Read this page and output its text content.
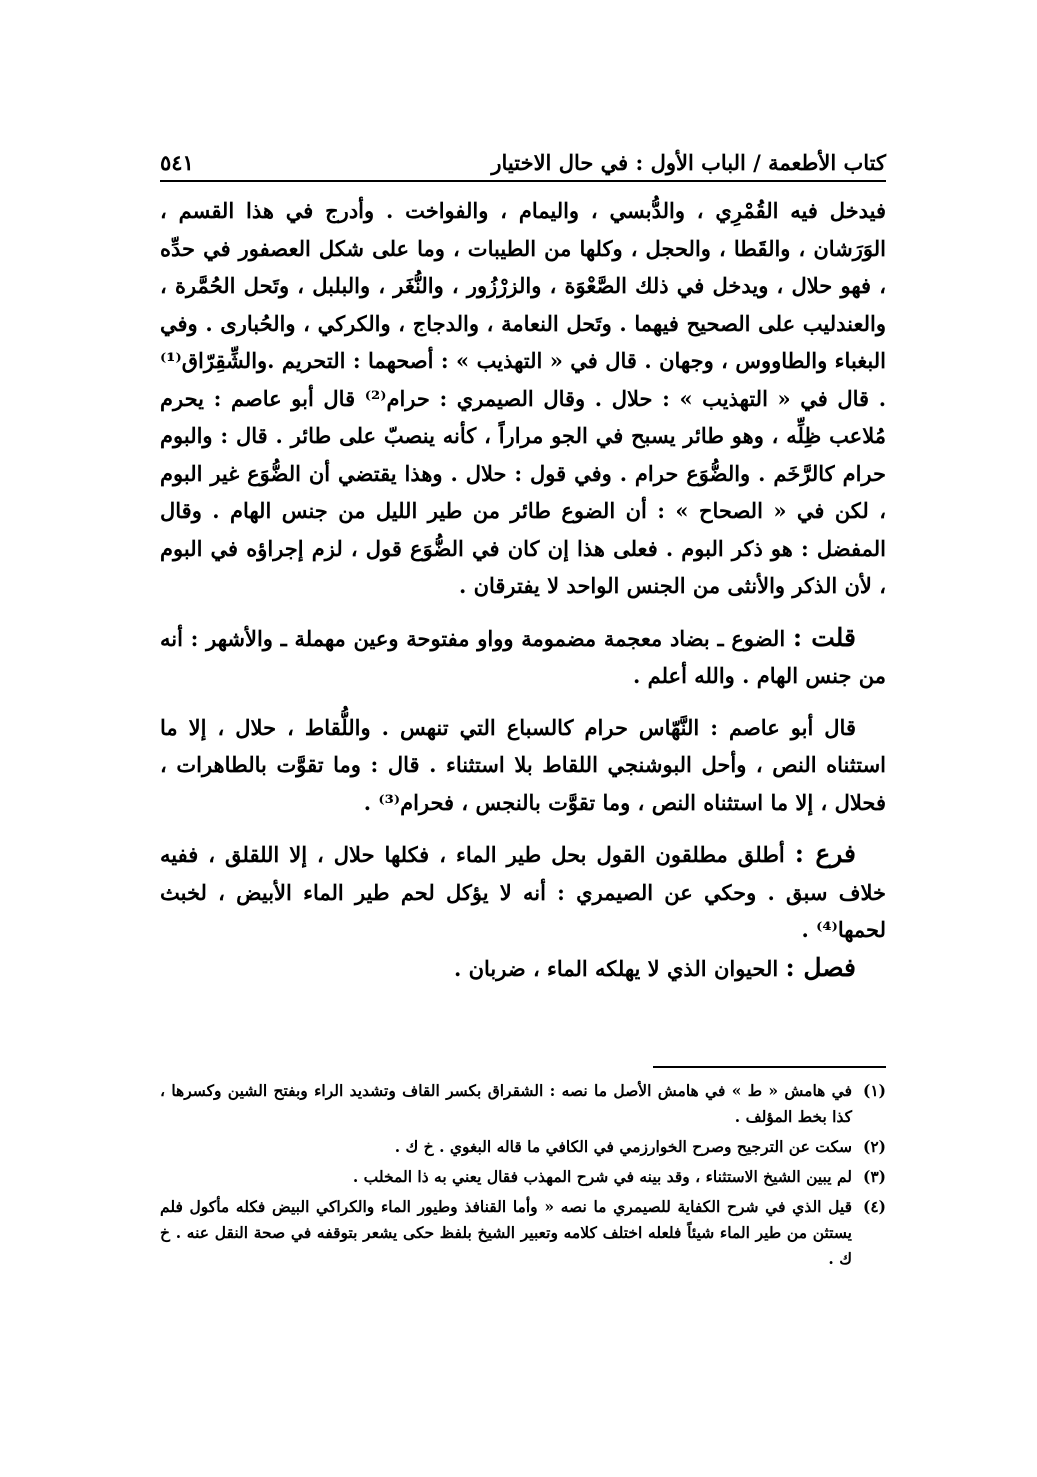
كتاب الأطعمة / الباب الأول : في حال الاختيار
٥٤١

فيدخل فيه القُمْرِي ، والدُّبسي ، واليمام ، والفواخت . وأدرج في هذا القسم ، الوَرَشان ، والقَطا ، والحجل ، وكلها من الطيبات ، وما على شكل العصفور في حدِّه ، فهو حلال ، ويدخل في ذلك الصَّعْوَة ، والزرْزُور ، والنُّغَر ، والبلبل ، وتَحل الحُمَّرة ، والعندليب على الصحيح فيهما . وتَحل النعامة ، والدجاج ، والكركي ، والحُبارى . وفي البغباء والطاووس ، وجهان . قال في « التهذيب » : أصحهما : التحريم .والشِّقِرّاق⁽¹⁾ . قال في « التهذيب » : حلال . وقال الصيمري : حرام⁽²⁾ قال أبو عاصم : يحرم مُلاعب ظِلِّه ، وهو طائر يسبح في الجو مراراً ، كأنه ينصبّ على طائر . قال : والبوم حرام كالرَّخَم . والضُّوَع حرام . وفي قول : حلال . وهذا يقتضي أن الضُّوَع غير البوم ، لكن في « الصحاح » : أن الضوع طائر من طير الليل من جنس الهام . وقال المفضل : هو ذكر البوم . فعلى هذا إن كان في الضُّوَع قول ، لزم إجراؤه في البوم ، لأن الذكر والأنثى من الجنس الواحد لا يفترقان .

قلت : الضوع ـ بضاد معجمة مضمومة وواو مفتوحة وعين مهملة ـ والأشهر : أنه من جنس الهام . والله أعلم .

قال أبو عاصم : النَّهّاس حرام كالسباع التي تنهس . واللُّقاط ، حلال ، إلا ما استثناه النص ، وأحل البوشنجي اللقاط بلا استثناء . قال : وما تقوَّت بالطاهرات ، فحلال ، إلا ما استثناه النص ، وما تقوَّت بالنجس ، فحرام⁽³⁾ .

فرع : أطلق مطلقون القول بحل طير الماء ، فكلها حلال ، إلا اللقلق ، ففيه خلاف سبق . وحكي عن الصيمري : أنه لا يؤكل لحم طير الماء الأبيض ، لخبث لحمها⁽⁴⁾ .

فصل : الحيوان الذي لا يهلكه الماء ، ضربان .

(١)
في هامش « ط » في هامش الأصل ما نصه : الشقراق بكسر القاف وتشديد الراء وبفتح الشين وكسرها ، كذا بخط المؤلف .
(٢)
سكت عن الترجيح وصرح الخوارزمي في الكافي ما قاله البغوي . خ ك .
(٣)
لم يبين الشيخ الاستثناء ، وقد بينه في شرح المهذب فقال يعني به ذا المخلب .
(٤)
قيل الذي في شرح الكفاية للصيمري ما نصه « وأما القنافذ وطيور الماء والكراكي البيض فكله مأكول فلم يستثن من طير الماء شيئاً فلعله اختلف كلامه وتعبير الشيخ بلفظ حكى يشعر بتوقفه في صحة النقل عنه . خ ك .
